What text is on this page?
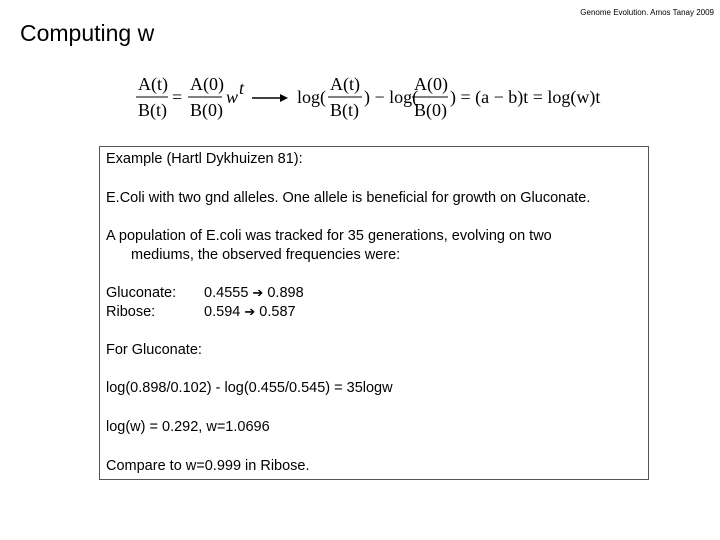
Genome Evolution. Amos Tanay 2009
Computing w
A(t)
B(t)
=
A(0)
B(0)
w t	log(
A(t)
B(t)
) − log(
A(0)
B(0)
) = (a − b)t = log(w)t
Example (Hartl Dykhuizen 81):
E.Coli with two gnd alleles. One allele is beneficial for growth on Gluconate.
A population of E.coli was tracked for 35 generations, evolving on two
mediums, the observed frequencies were:
Gluconate: 0.4555 ➔ 0.898
Ribose:	0.594 ➔ 0.587
For Gluconate:
log(0.898/0.102) - log(0.455/0.545) = 35logw
log(w) = 0.292, w=1.0696
Compare to w=0.999 in Ribose.
